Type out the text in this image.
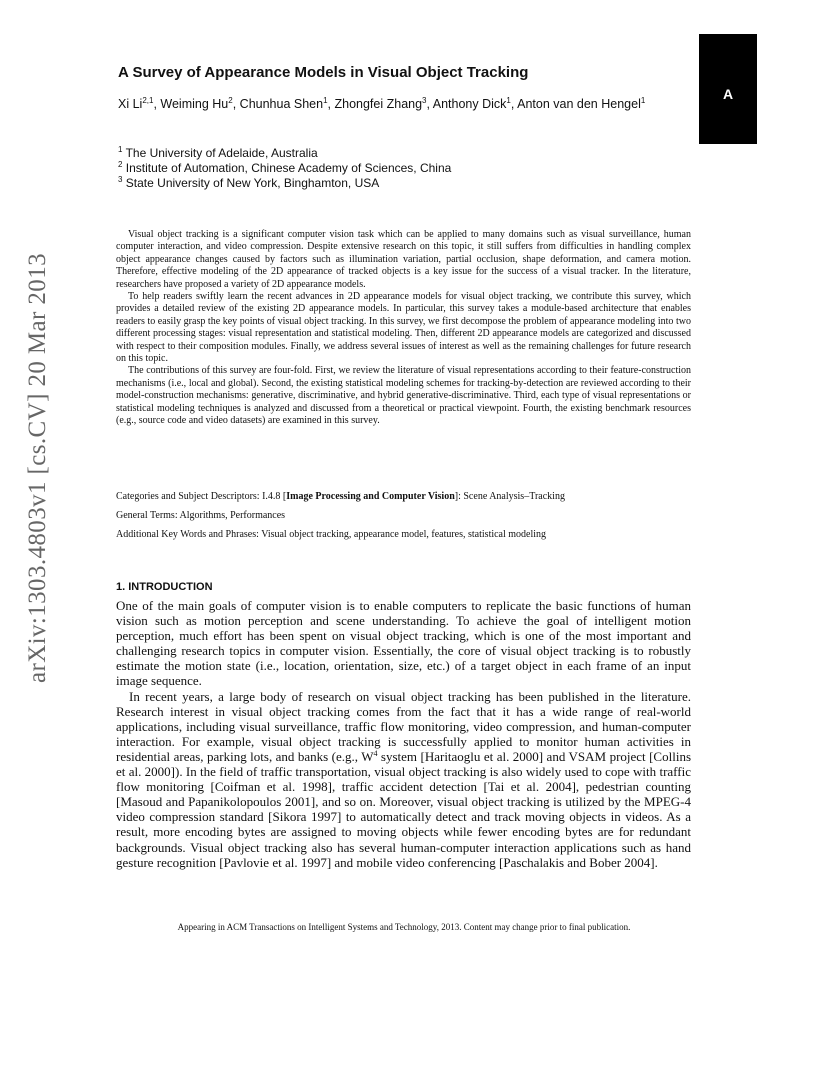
arXiv:1303.4803v1 [cs.CV] 20 Mar 2013
A
A Survey of Appearance Models in Visual Object Tracking
Xi Li$^{2,1}$, Weiming Hu$^2$, Chunhua Shen$^1$, Zhongfei Zhang$^3$, Anthony Dick$^1$, Anton van den Hengel$^1$
$^1$ The University of Adelaide, Australia
$^2$ Institute of Automation, Chinese Academy of Sciences, China
$^3$ State University of New York, Binghamton, USA

Visual object tracking is a significant computer vision task which can be applied to many domains such as visual surveillance, human computer interaction, and video compression. Despite extensive research on this topic, it still suffers from difficulties in handling complex object appearance changes caused by factors such as illumination variation, partial occlusion, shape deformation, and camera motion. Therefore, effective modeling of the 2D appearance of tracked objects is a key issue for the success of a visual tracker. In the literature, researchers have proposed a variety of 2D appearance models.

To help readers swiftly learn the recent advances in 2D appearance models for visual object tracking, we contribute this survey, which provides a detailed review of the existing 2D appearance models. In particular, this survey takes a module-based architecture that enables readers to easily grasp the key points of visual object tracking. In this survey, we first decompose the problem of appearance modeling into two different processing stages: visual representation and statistical modeling. Then, different 2D appearance models are categorized and discussed with respect to their composition modules. Finally, we address several issues of interest as well as the remaining challenges for future research on this topic.

The contributions of this survey are four-fold. First, we review the literature of visual representations according to their feature-construction mechanisms (i.e., local and global). Second, the existing statistical modeling schemes for tracking-by-detection are reviewed according to their model-construction mechanisms: generative, discriminative, and hybrid generative-discriminative. Third, each type of visual representations or statistical modeling techniques is analyzed and discussed from a theoretical or practical viewpoint. Fourth, the existing benchmark resources (e.g., source code and video datasets) are examined in this survey.

Categories and Subject Descriptors: I.4.8 [Image Processing and Computer Vision]: Scene Analysis–Tracking
General Terms: Algorithms, Performances
Additional Key Words and Phrases: Visual object tracking, appearance model, features, statistical modeling
1. INTRODUCTION

One of the main goals of computer vision is to enable computers to replicate the basic functions of human vision such as motion perception and scene understanding. To achieve the goal of intelligent motion perception, much effort has been spent on visual object tracking, which is one of the most important and challenging research topics in computer vision. Essentially, the core of visual object tracking is to robustly estimate the motion state (i.e., location, orientation, size, etc.) of a target object in each frame of an input image sequence.

In recent years, a large body of research on visual object tracking has been published in the literature. Research interest in visual object tracking comes from the fact that it has a wide range of real-world applications, including visual surveillance, traffic flow monitoring, video compression, and human-computer interaction. For example, visual object tracking is successfully applied to monitor human activities in residential areas, parking lots, and banks (e.g., $W^4$ system [Haritaoglu et al. 2000] and VSAM project [Collins et al. 2000]). In the field of traffic transportation, visual object tracking is also widely used to cope with traffic flow monitoring [Coifman et al. 1998], traffic accident detection [Tai et al. 2004], pedestrian counting [Masoud and Papanikolopoulos 2001], and so on. Moreover, visual object tracking is utilized by the MPEG-4 video compression standard [Sikora 1997] to automatically detect and track moving objects in videos. As a result, more encoding bytes are assigned to moving objects while fewer encoding bytes are for redundant backgrounds. Visual object tracking also has several human-computer interaction applications such as hand gesture recognition [Pavlovie et al. 1997] and mobile video conferencing [Paschalakis and Bober 2004].

Appearing in ACM Transactions on Intelligent Systems and Technology, 2013. Content may change prior to final publication.
